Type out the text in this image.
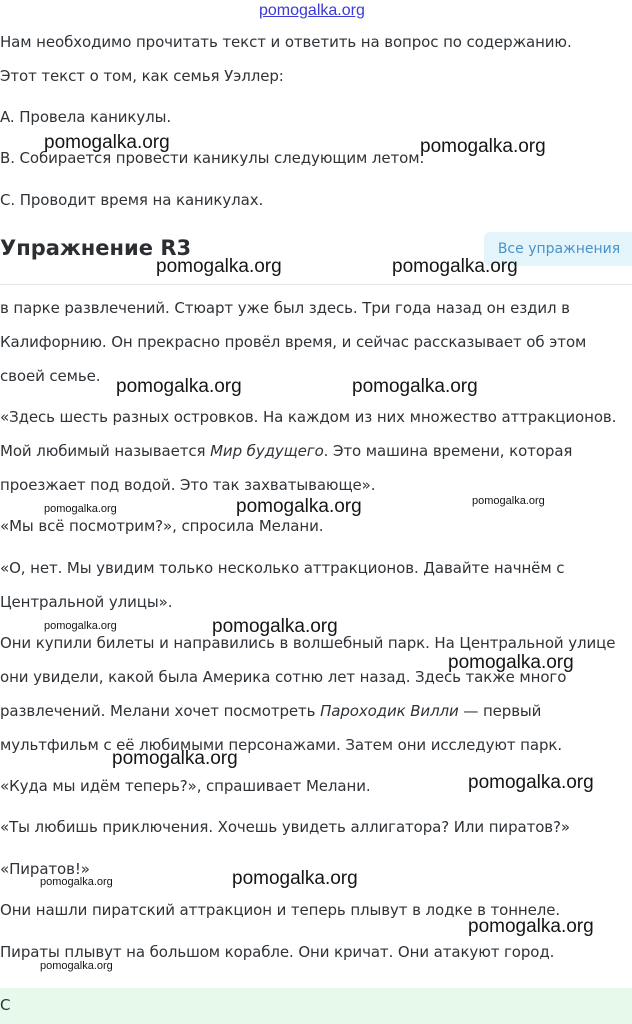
pomogalka.org

Нам необходимо прочитать текст и ответить на вопрос по содержанию.

Этот текст о том, как семья Уэллер:

A. Провела каникулы.

B. Собирается провести каникулы следующим летом.

C. Проводит время на каникулах.

Упражнение R3	Все упражнения

в парке развлечений. Стюарт уже был здесь. Три года назад он ездил в

Калифорнию. Он прекрасно провёл время, и сейчас рассказывает об этом

своей семье.

«Здесь шесть разных островков. На каждом из них множество аттракционов.

Мой любимый называется Мир будущего. Это машина времени, которая

проезжает под водой. Это так захватывающе».

«Мы всё посмотрим?», спросила Мелани.

«О, нет. Мы увидим только несколько аттракционов. Давайте начнём с

Центральной улицы».

Они купили билеты и направились в волшебный парк. На Центральной улице

они увидели, какой была Америка сотню лет назад. Здесь также много

развлечений. Мелани хочет посмотреть Пароходик Вилли — первый

мультфильм с её любимыми персонажами. Затем они исследуют парк.

«Куда мы идём теперь?», спрашивает Мелани.

«Ты любишь приключения. Хочешь увидеть аллигатора? Или пиратов?»

«Пиратов!»

Они нашли пиратский аттракцион и теперь плывут в лодке в тоннеле.

Пираты плывут на большом корабле. Они кричат. Они атакуют город.

С
pomogalka.org	pomogalka.org
pomogalka.org	pomogalka.org
pomogalka.org	pomogalka.org
pomogalka.org	pomogalka.org	pomogalka.org
pomogalka.org	pomogalka.org
pomogalka.org
pomogalka.org
pomogalka.org
pomogalka.org	pomogalka.org
pomogalka.org
pomogalka.org
